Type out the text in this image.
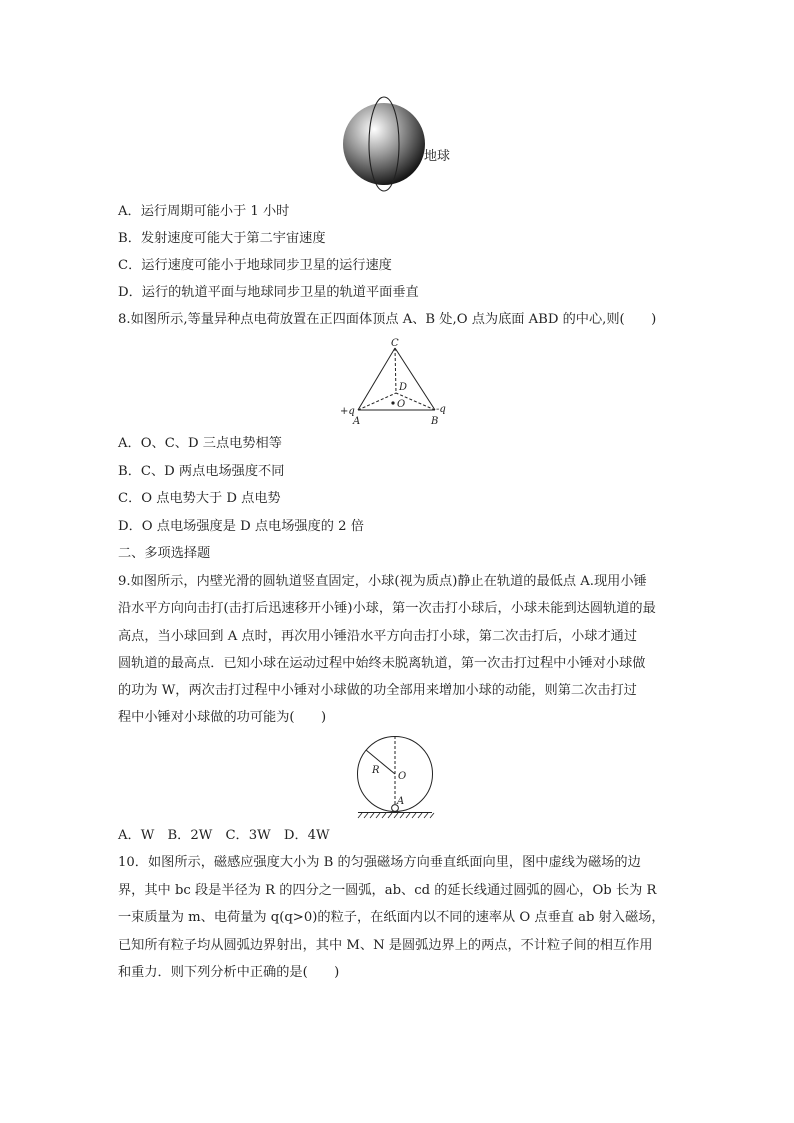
地球
A．运行周期可能小于 1 小时
B．发射速度可能大于第二宇宙速度
C．运行速度可能小于地球同步卫星的运行速度
D．运行的轨道平面与地球同步卫星的轨道平面垂直
8.如图所示,等量异种点电荷放置在正四面体顶点 A、B 处,O 点为底面 ABD 的中心,则(　　)
C
D
O
+q	-q
A	B
A．O、C、D 三点电势相等
B．C、D 两点电场强度不同
C．O 点电势大于 D 点电势
D．O 点电场强度是 D 点电场强度的 2 倍
二、多项选择题
9.如图所示，内壁光滑的圆轨道竖直固定，小球(视为质点)静止在轨道的最低点 A.现用小锤
沿水平方向向击打(击打后迅速移开小锤)小球，第一次击打小球后，小球未能到达圆轨道的最
高点，当小球回到 A 点时，再次用小锤沿水平方向击打小球，第二次击打后，小球才通过
圆轨道的最高点．已知小球在运动过程中始终未脱离轨道，第一次击打过程中小锤对小球做
的功为 W，两次击打过程中小锤对小球做的功全部用来增加小球的动能，则第二次击打过
程中小锤对小球做的功可能为(　　)
R
O
A
A．W　B．2W　C．3W　D．4W
10．如图所示，磁感应强度大小为 B 的匀强磁场方向垂直纸面向里，图中虚线为磁场的边
界，其中 bc 段是半径为 R 的四分之一圆弧，ab、cd 的延长线通过圆弧的圆心，Ob 长为 R
一束质量为 m、电荷量为 q(q>0)的粒子，在纸面内以不同的速率从 O 点垂直 ab 射入磁场，
已知所有粒子均从圆弧边界射出，其中 M、N 是圆弧边界上的两点，不计粒子间的相互作用
和重力．则下列分析中正确的是(　　)
